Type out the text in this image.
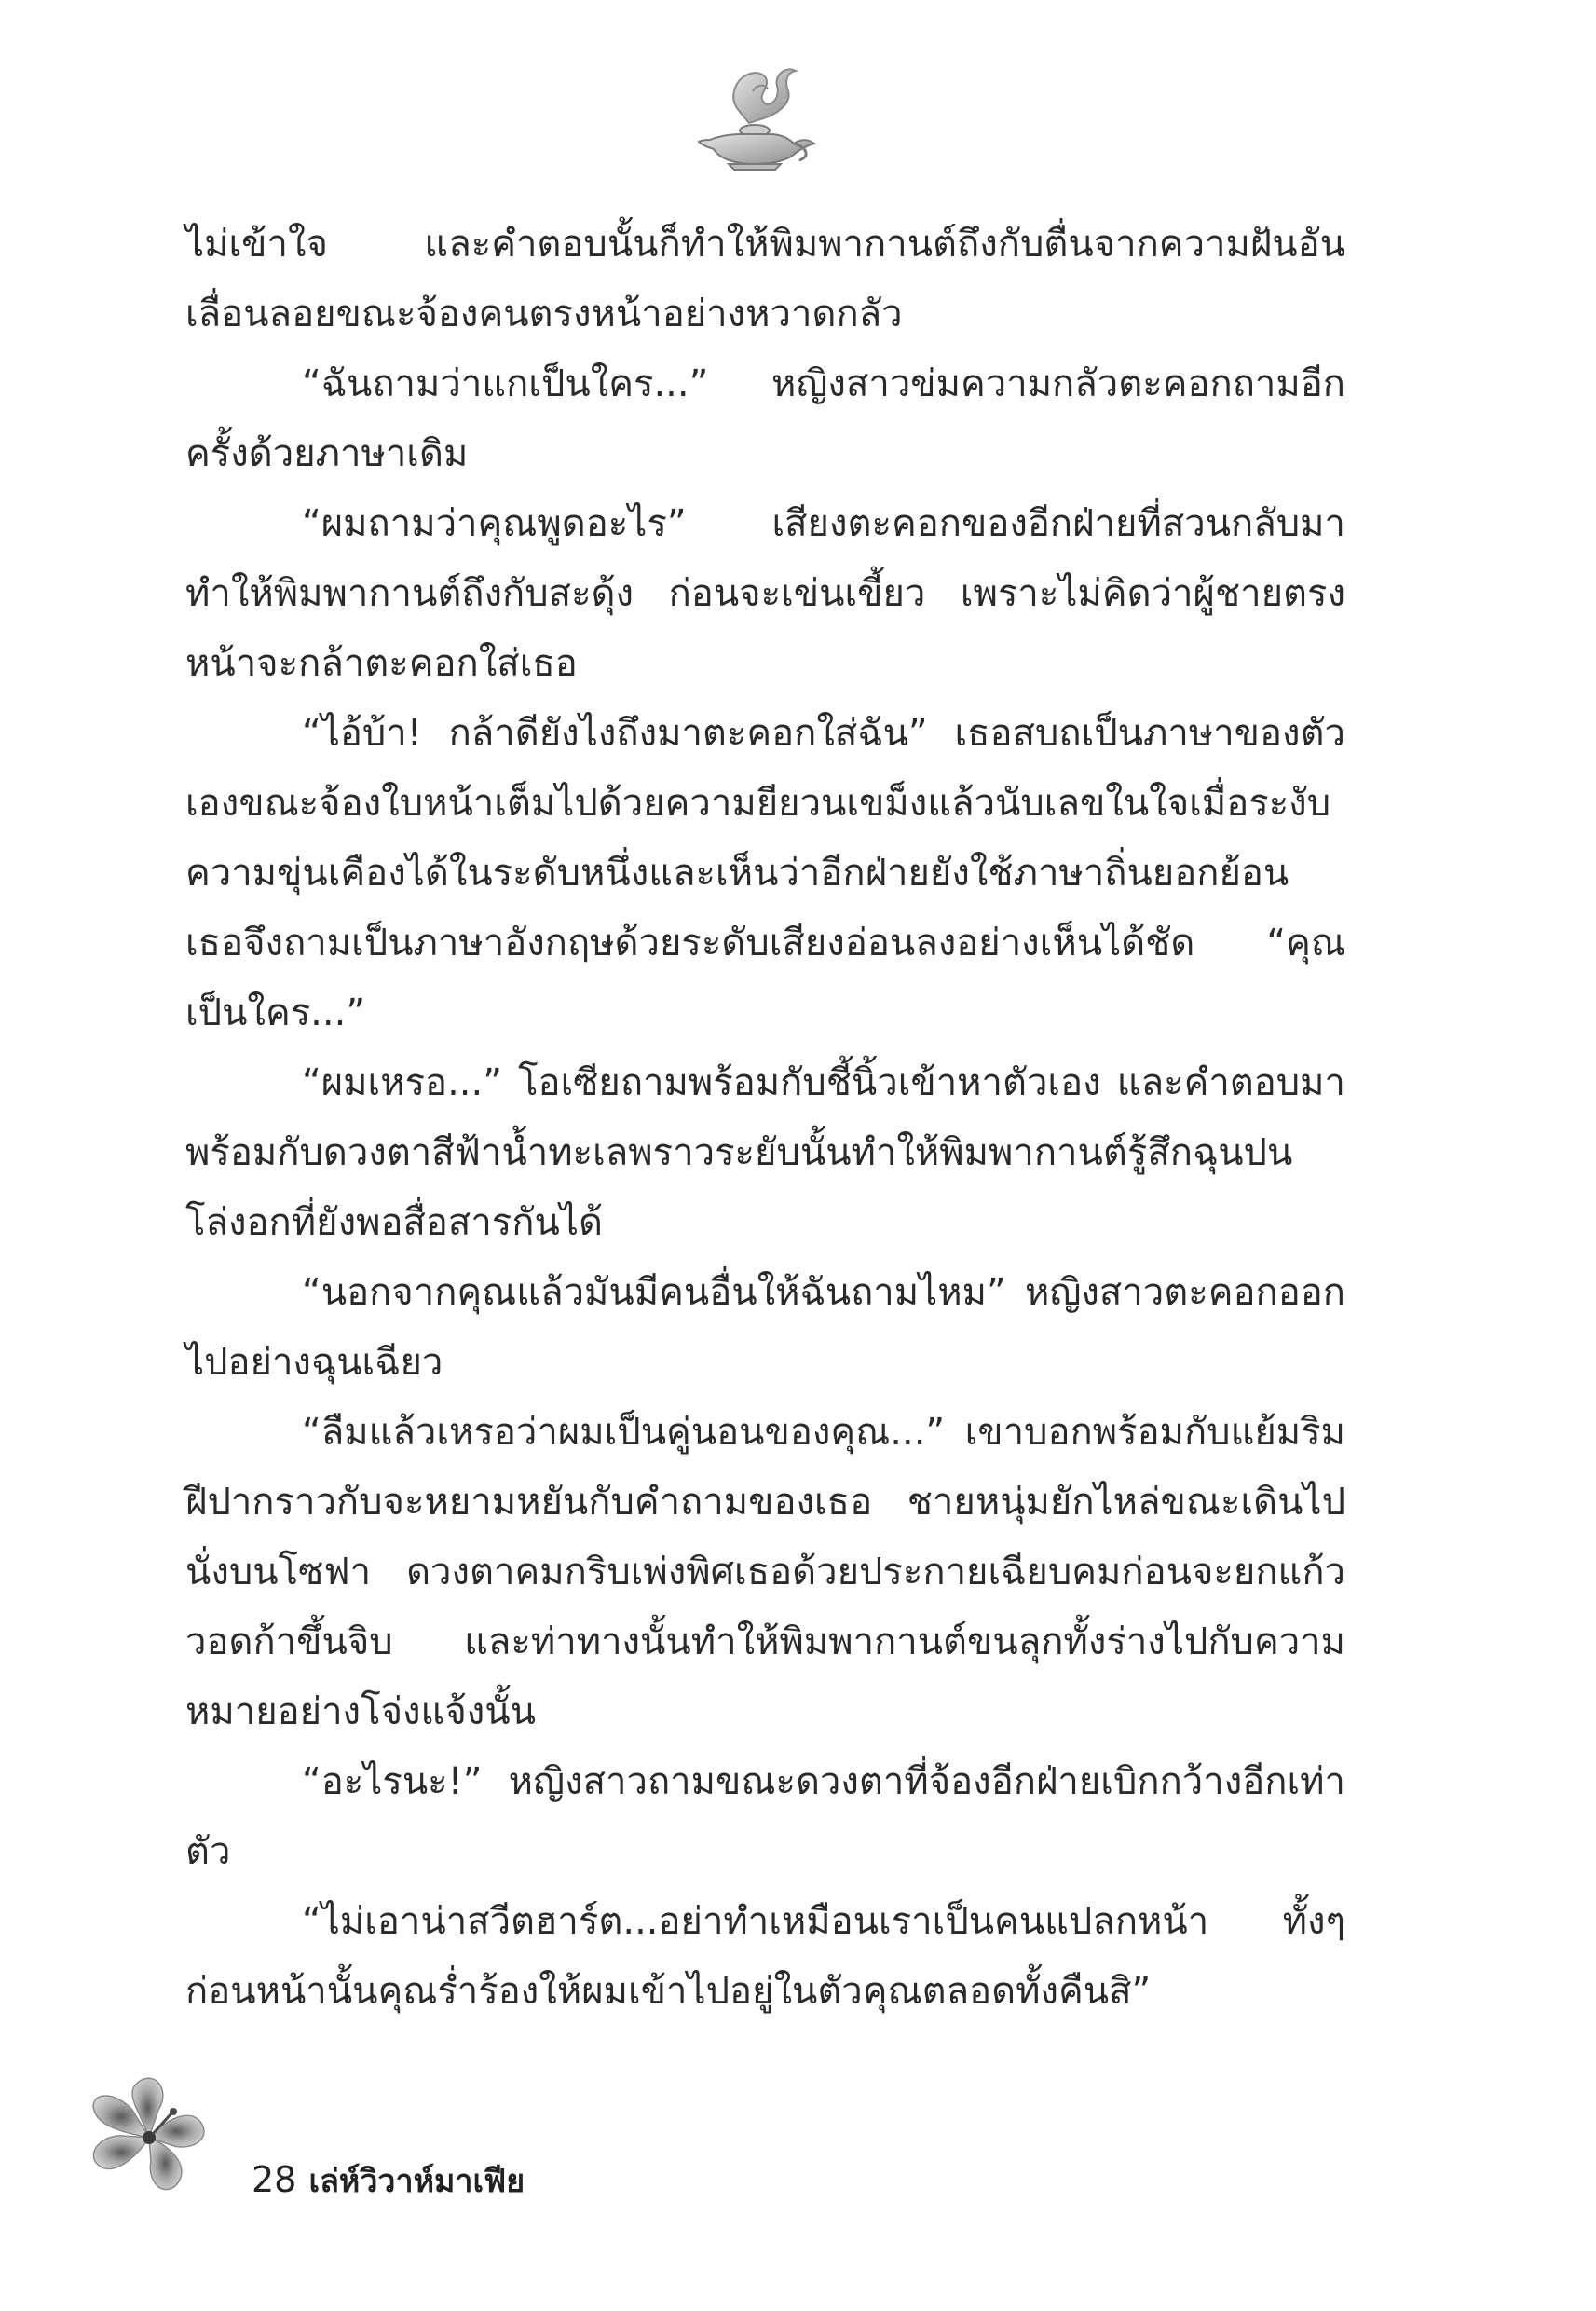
ไม่เข้าใจ และคำตอบนั้นก็ทำให้พิมพากานต์ถึงกับตื่นจากความฝันอันเลื่อนลอยขณะจ้องคนตรงหน้าอย่างหวาดกลัว

“ฉันถามว่าแกเป็นใคร...” หญิงสาวข่มความกลัวตะคอกถามอีกครั้งด้วยภาษาเดิม

“ผมถามว่าคุณพูดอะไร” เสียงตะคอกของอีกฝ่ายที่สวนกลับมาทำให้พิมพากานต์ถึงกับสะดุ้ง ก่อนจะเข่นเขี้ยว เพราะไม่คิดว่าผู้ชายตรงหน้าจะกล้าตะคอกใส่เธอ

“ไอ้บ้า! กล้าดียังไงถึงมาตะคอกใส่ฉัน” เธอสบถเป็นภาษาของตัวเองขณะจ้องใบหน้าเต็มไปด้วยความยียวนเขม็งแล้วนับเลขในใจเมื่อระงับความขุ่นเคืองได้ในระดับหนึ่งและเห็นว่าอีกฝ่ายยังใช้ภาษาถิ่นยอกย้อน เธอจึงถามเป็นภาษาอังกฤษด้วยระดับเสียงอ่อนลงอย่างเห็นได้ชัด “คุณเป็นใคร...”

“ผมเหรอ...” โอเซียถามพร้อมกับชี้นิ้วเข้าหาตัวเอง และคำตอบมาพร้อมกับดวงตาสีฟ้าน้ำทะเลพราวระยับนั้นทำให้พิมพากานต์รู้สึกฉุนปนโล่งอกที่ยังพอสื่อสารกันได้

“นอกจากคุณแล้วมันมีคนอื่นให้ฉันถามไหม” หญิงสาวตะคอกออกไปอย่างฉุนเฉียว

“ลืมแล้วเหรอว่าผมเป็นคู่นอนของคุณ...” เขาบอกพร้อมกับแย้มริมฝีปากราวกับจะหยามหยันกับคำถามของเธอ ชายหนุ่มยักไหล่ขณะเดินไปนั่งบนโซฟา ดวงตาคมกริบเพ่งพิศเธอด้วยประกายเฉียบคมก่อนจะยกแก้ววอดก้าขึ้นจิบ และท่าทางนั้นทำให้พิมพากานต์ขนลุกทั้งร่างไปกับความหมายอย่างโจ่งแจ้งนั้น

“อะไรนะ!” หญิงสาวถามขณะดวงตาที่จ้องอีกฝ่ายเบิกกว้างอีกเท่าตัว

“ไม่เอาน่าสวีตฮาร์ต...อย่าทำเหมือนเราเป็นคนแปลกหน้า ทั้งๆ ก่อนหน้านั้นคุณร่ำร้องให้ผมเข้าไปอยู่ในตัวคุณตลอดทั้งคืนสิ”

28 เล่ห์วิวาห์มาเฟีย
